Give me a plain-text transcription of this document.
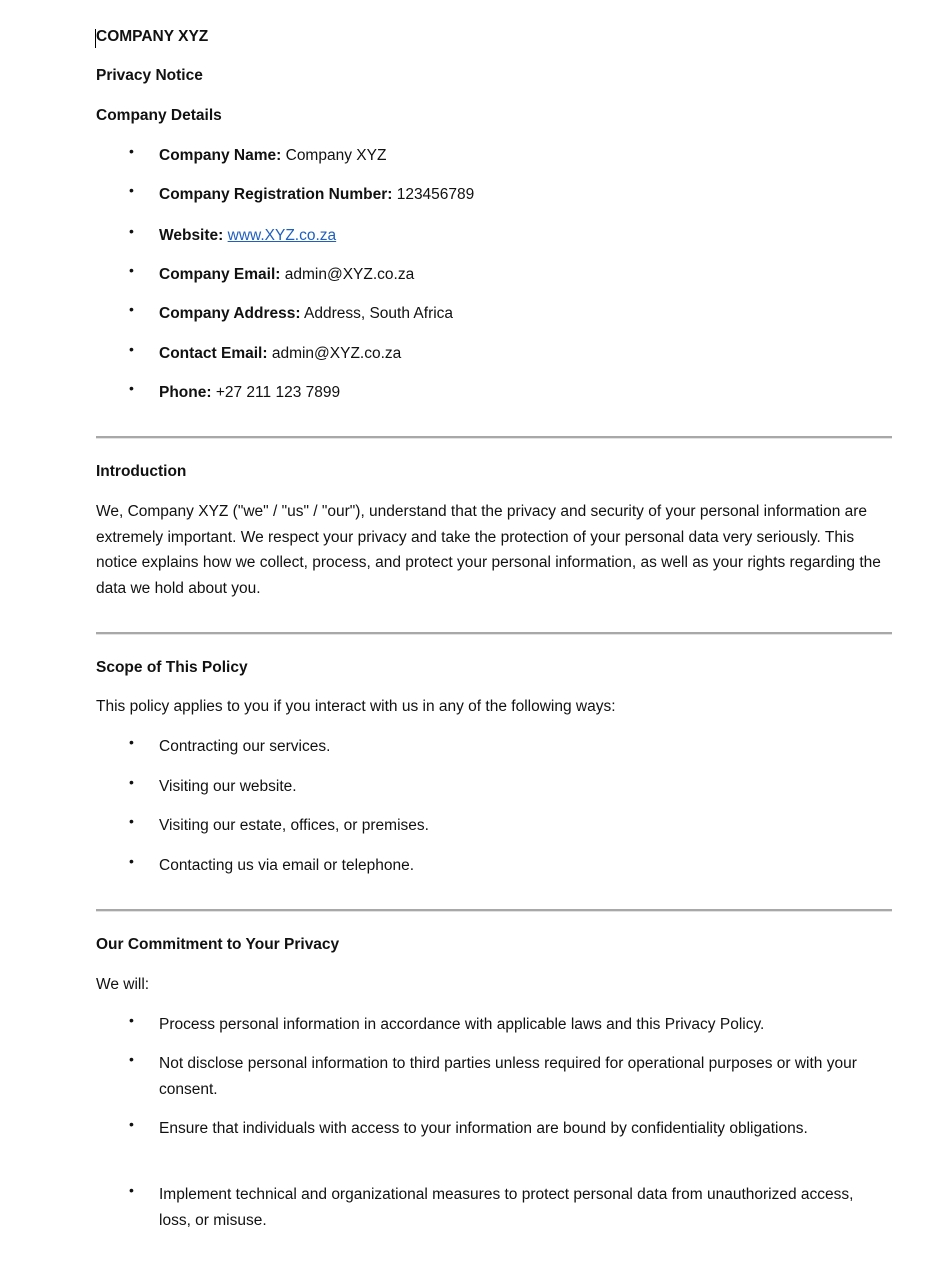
COMPANY XYZ
Privacy Notice
Company Details
• Company Name: Company XYZ
• Company Registration Number: 123456789
• Website: www.XYZ.co.za
• Company Email: admin@XYZ.co.za
• Company Address: Address, South Africa
• Contact Email: admin@XYZ.co.za
• Phone: +27 211 123 7899
Introduction
We, Company XYZ ("we" / "us" / "our"), understand that the privacy and security of your personal information are extremely important. We respect your privacy and take the protection of your personal data very seriously. This notice explains how we collect, process, and protect your personal information, as well as your rights regarding the data we hold about you.
Scope of This Policy
This policy applies to you if you interact with us in any of the following ways:
• Contracting our services.
• Visiting our website.
• Visiting our estate, offices, or premises.
• Contacting us via email or telephone.
Our Commitment to Your Privacy
We will:
• Process personal information in accordance with applicable laws and this Privacy Policy.
• Not disclose personal information to third parties unless required for operational purposes or with your consent.
• Ensure that individuals with access to your information are bound by confidentiality obligations.
• Implement technical and organizational measures to protect personal data from unauthorized access, loss, or misuse.
